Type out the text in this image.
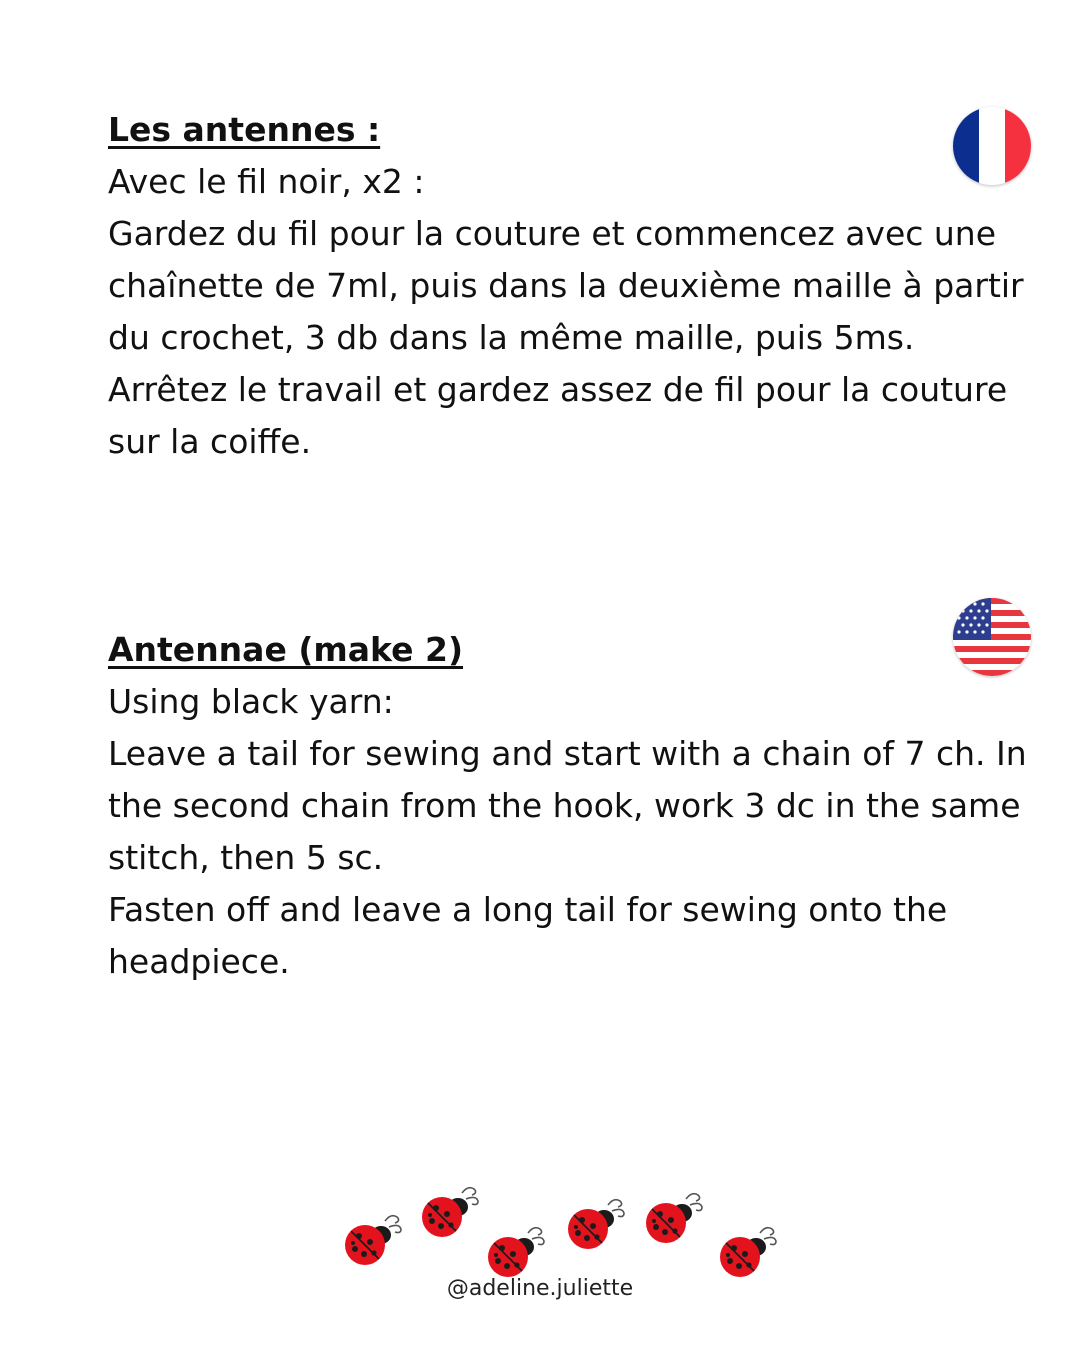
Les antennes :
Avec le fil noir, x2 :
Gardez du fil pour la couture et commencez avec une chaînette de 7ml, puis dans la deuxième maille à partir du crochet, 3 db dans la même maille, puis 5ms.
Arrêtez le travail et gardez assez de fil pour la couture sur la coiffe.
Antennae (make 2)
Using black yarn:
Leave a tail for sewing and start with a chain of 7 ch. In the second chain from the hook, work 3 dc in the same stitch, then 5 sc.
Fasten off and leave a long tail for sewing onto the headpiece.
@adeline.juliette
